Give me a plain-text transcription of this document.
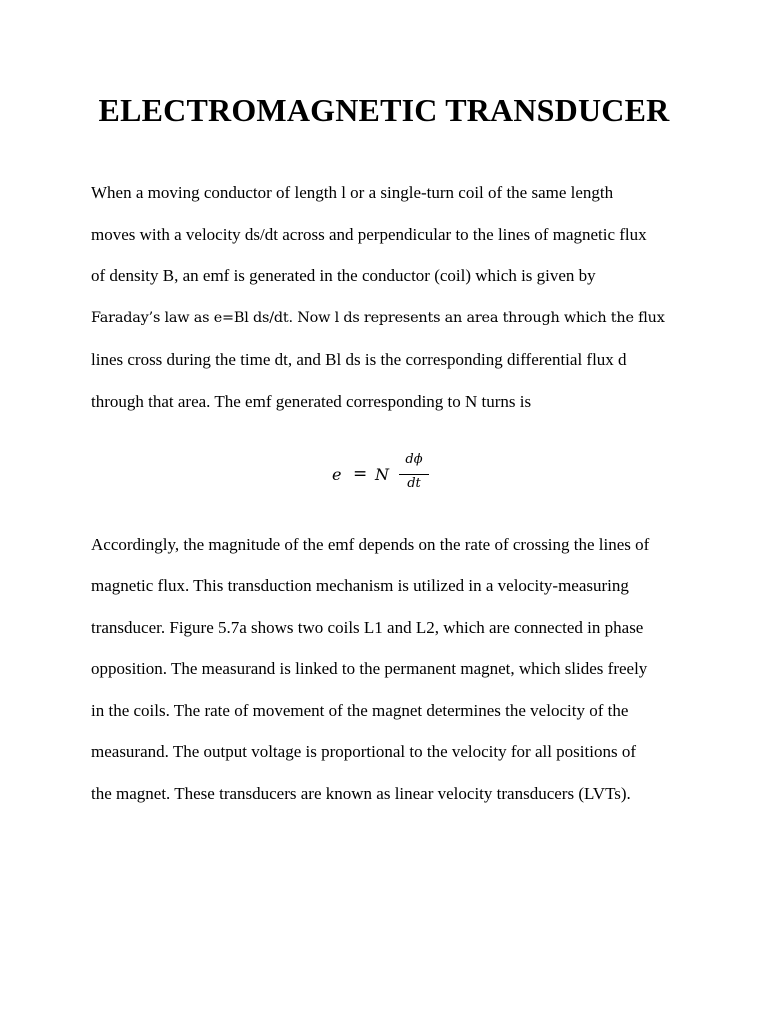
ELECTROMAGNETIC TRANSDUCER

When a moving conductor of length l or a single-turn coil of the same length

moves with a velocity ds/dt across and perpendicular to the lines of magnetic flux

of density B, an emf is generated in the conductor (coil) which is given by

Faraday’s law as e=Bl ds/dt. Now l ds represents an area through which the flux

lines cross during the time dt, and Bl ds is the corresponding differential flux d

through that area. The emf generated corresponding to N turns is

e = N
dϕ
dt

Accordingly, the magnitude of the emf depends on the rate of crossing the lines of

magnetic flux. This transduction mechanism is utilized in a velocity-measuring

transducer. Figure 5.7a shows two coils L1 and L2, which are connected in phase

opposition. The measurand is linked to the permanent magnet, which slides freely

in the coils. The rate of movement of the magnet determines the velocity of the

measurand. The output voltage is proportional to the velocity for all positions of

the magnet. These transducers are known as linear velocity transducers (LVTs).
